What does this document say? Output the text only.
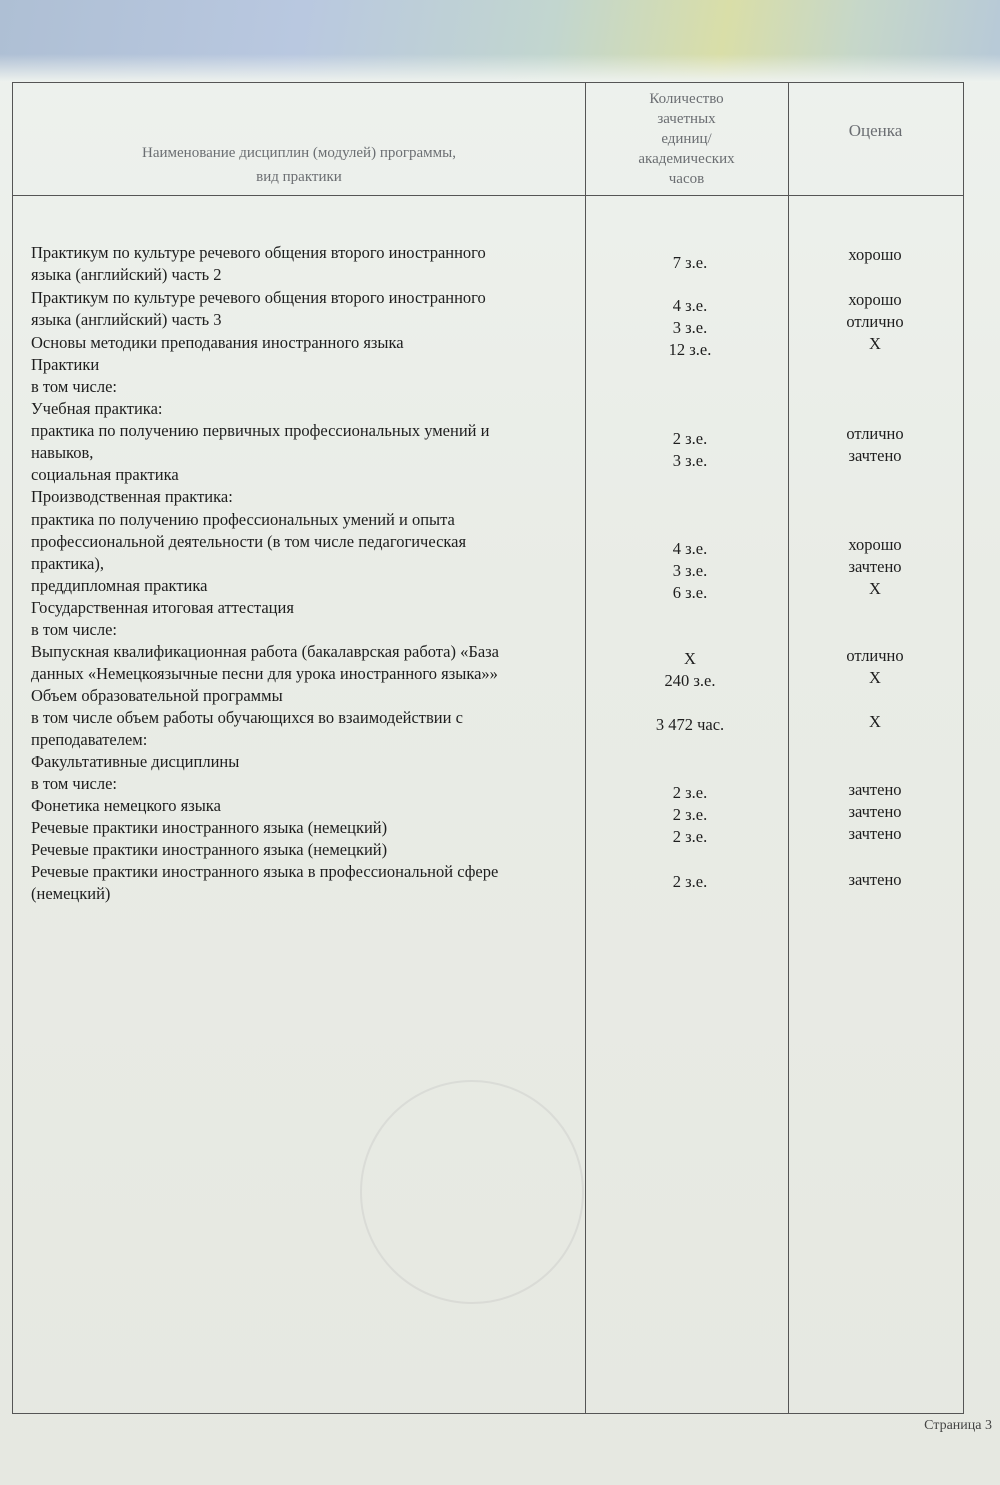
Наименование дисциплин (модулей) программы,
вид практики
Количество
зачетных
единиц/
академических
часов
Оценка
Практикум по культуре речевого общения второго иностранного
языка (английский) часть 2
Практикум по культуре речевого общения второго иностранного
языка (английский) часть 3
Основы методики преподавания иностранного языка
Практики
в том числе:
Учебная практика:
практика по получению первичных профессиональных умений и
навыков,
социальная практика
Производственная практика:
практика по получению профессиональных умений и опыта
профессиональной деятельности (в том числе педагогическая
практика),
преддипломная практика
Государственная итоговая аттестация
в том числе:
Выпускная квалификационная работа (бакалаврская работа) «База
данных «Немецкоязычные песни для урока иностранного языка»»
Объем образовательной программы
в том числе объем работы обучающихся во взаимодействии с
преподавателем:
Факультативные дисциплины
в том числе:
Фонетика немецкого языка
Речевые практики иностранного языка (немецкий)
Речевые практики иностранного языка (немецкий)
Речевые практики иностранного языка в профессиональной сфере
(немецкий)
7 з.е.
4 з.е.
3 з.е.
12 з.е.
2 з.е.
3 з.е.
4 з.е.
3 з.е.
6 з.е.
X
240 з.е.
3 472 час.
2 з.е.
2 з.е.
2 з.е.
2 з.е.
хорошо
хорошо
отлично
X
отлично
зачтено
хорошо
зачтено
X
отлично
X
X
зачтено
зачтено
зачтено
зачтено
Страница 3
